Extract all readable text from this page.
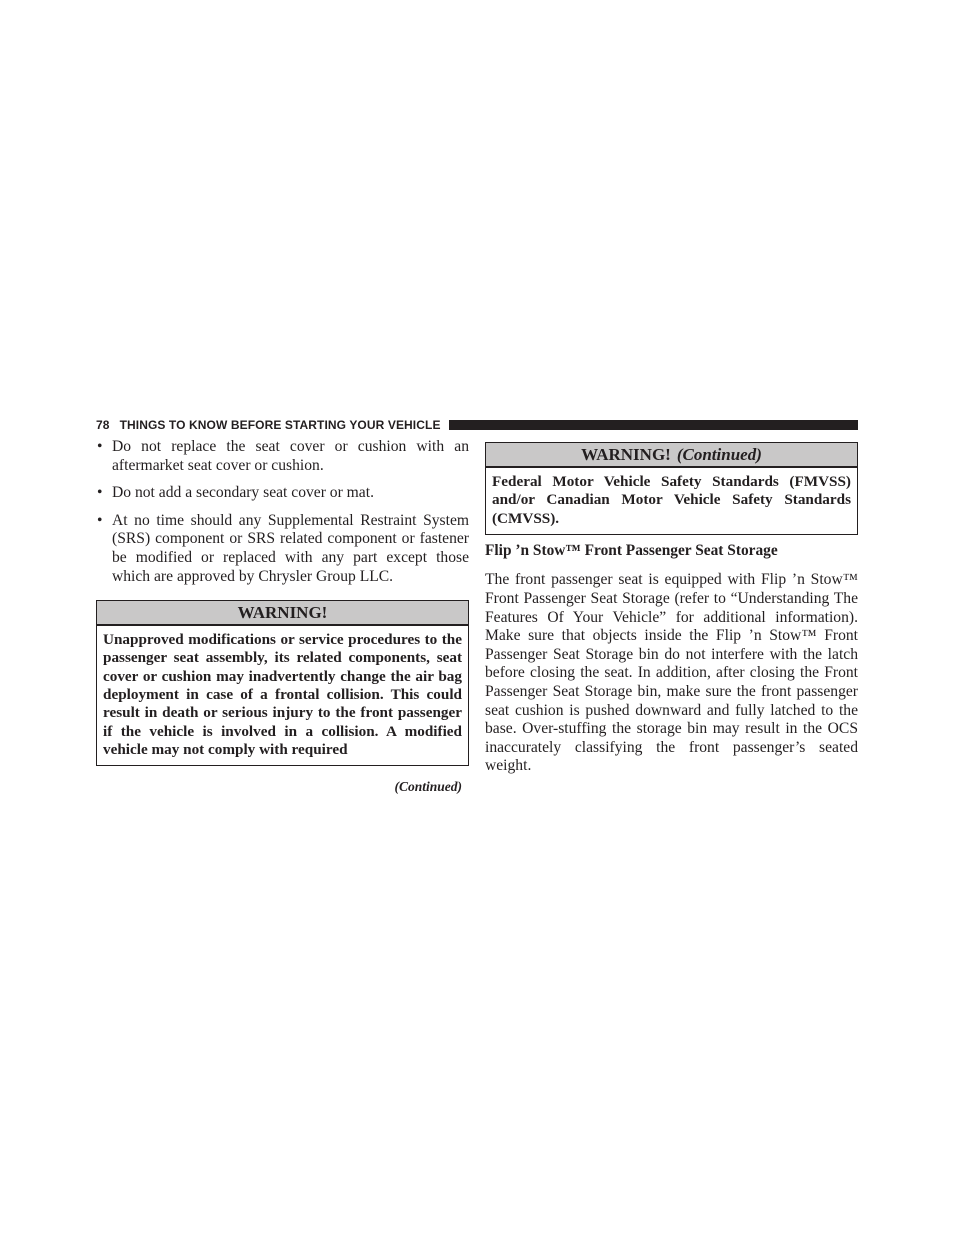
78 THINGS TO KNOW BEFORE STARTING YOUR VEHICLE
• Do not replace the seat cover or cushion with an aftermarket seat cover or cushion.
• Do not add a secondary seat cover or mat.
• At no time should any Supplemental Restraint System (SRS) component or SRS related component or fastener be modified or replaced with any part except those which are approved by Chrysler Group LLC.
WARNING!
Unapproved modifications or service procedures to the passenger seat assembly, its related components, seat cover or cushion may inadvertently change the air bag deployment in case of a frontal collision. This could result in death or serious injury to the front passenger if the vehicle is involved in a collision. A modified vehicle may not comply with required
(Continued)
WARNING! (Continued)
Federal Motor Vehicle Safety Standards (FMVSS) and/or Canadian Motor Vehicle Safety Standards (CMVSS).
Flip ’n Stow™ Front Passenger Seat Storage
The front passenger seat is equipped with Flip ’n Stow™ Front Passenger Seat Storage (refer to “Understanding The Features Of Your Vehicle” for additional information). Make sure that objects inside the Flip ’n Stow™ Front Passenger Seat Storage bin do not interfere with the latch before closing the seat. In addition, after closing the Front Passenger Seat Storage bin, make sure the front passenger seat cushion is pushed downward and fully latched to the base. Over-stuffing the storage bin may result in the OCS inaccurately classifying the front passenger’s seated weight.
